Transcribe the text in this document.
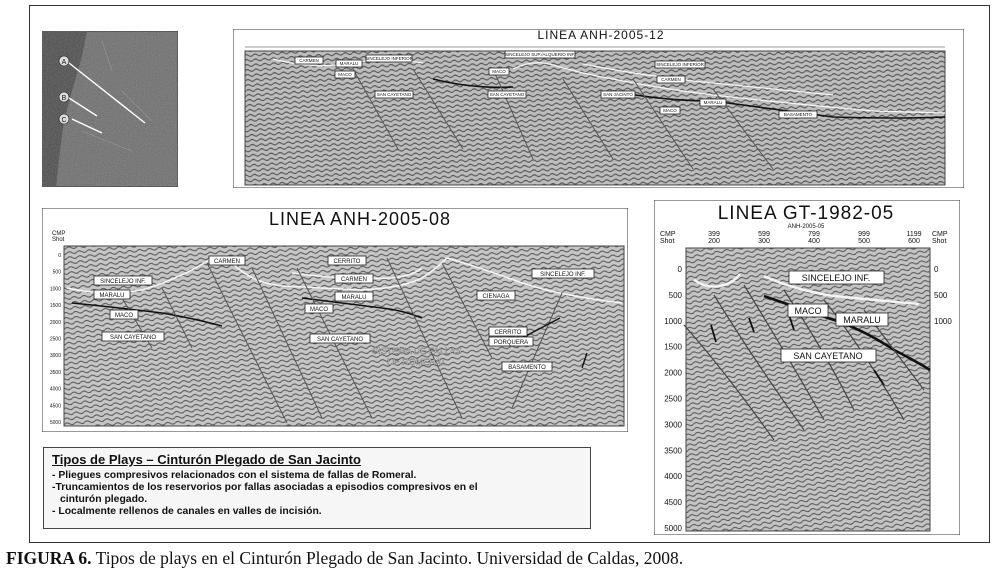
A
B
C
LINEA ANH-2005-12
CARMEN
MARALU
SINCELEJO INFERIOR
MACO
SAN CAYETANO
MACO
SINCELEJO SUP./ALQUERIO INF.
SINCELEJO INFERIOR
CARMEN
SAN CAYETANO	SAN JACINTO
MARALU
MACO
BASAMENTO
LINEA ANH-2005-08
CMP
Shot
0
500
1000
1500
2000
2500
3000
3500
4000
4500
5000
CARMEN	CERRITO
SINCELEJO INF.	CARMEN
SINCELEJO INF.
MARALU	MARALU	CIENAGA
MACO
MACO
CERRITO
PORQUERA
SAN CAYETANO	SAN CAYETANO
BASAMENTO
SISTEMA DE FALLAS
DE ROMERAL
LINEA GT-1982-05
ANH-2005-05
CMP
Shot
CMP
Shot
399
200
599
300
799
400
999
500
1199
600
0
500
1000
1500
2000
2500
3000
3500
4000
4500
5000
0
500
1000
SINCELEJO INF.
MACO
MARALU
SAN CAYETANO
Tipos de Plays – Cinturón Plegado de San Jacinto
- Pliegues compresivos relacionados con el sistema de fallas de Romeral.
-Truncamientos de los reservorios por fallas asociadas a episodios compresivos en el
cinturón plegado.
- Localmente rellenos de canales en valles de incisión.
FIGURA 6. Tipos de plays en el Cinturón Plegado de San Jacinto. Universidad de Caldas, 2008.
